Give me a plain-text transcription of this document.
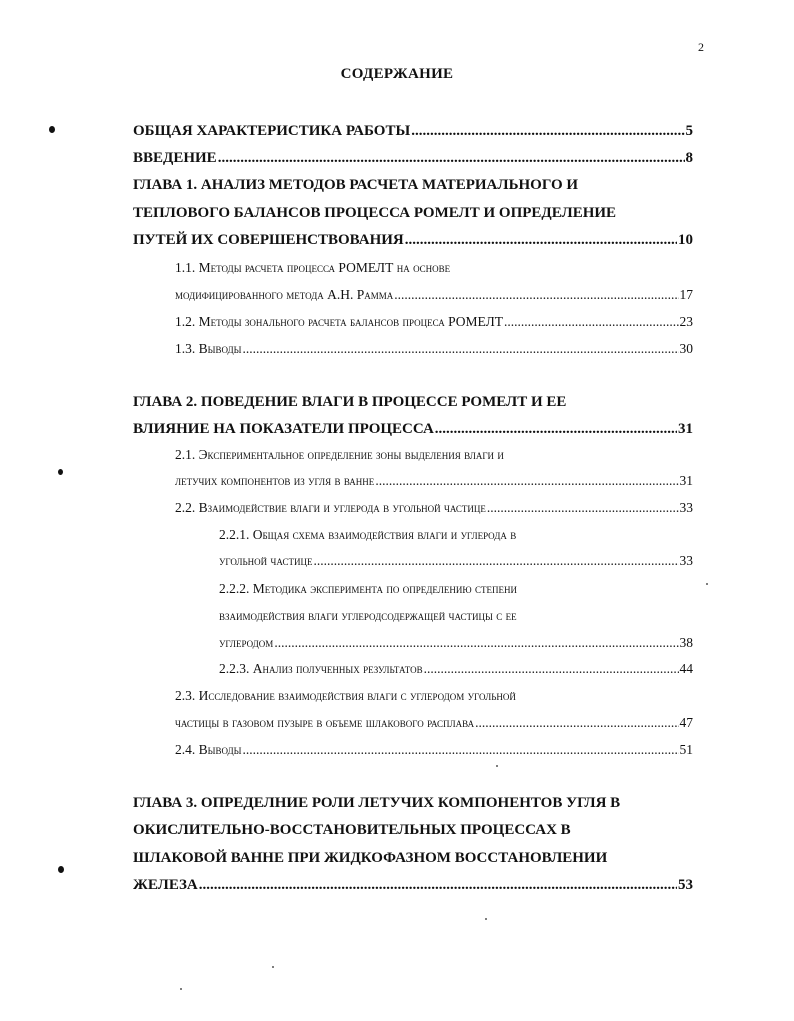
2
СОДЕРЖАНИЕ
ОБЩАЯ ХАРАКТЕРИСТИКА РАБОТЫ .....	5
ВВЕДЕНИЕ .....	8
ГЛАВА 1. АНАЛИЗ МЕТОДОВ РАСЧЕТА МАТЕРИАЛЬНОГО И
ТЕПЛОВОГО БАЛАНСОВ ПРОЦЕССА РОМЕЛТ И ОПРЕДЕЛЕНИЕ
ПУТЕЙ ИХ СОВЕРШЕНСТВОВАНИЯ .....	10
1.1. Методы расчета процесса РОМЕЛТ на основе
модифицированного метода А.Н. Рамма .....	17
1.2. Методы зонального расчета балансов процеса РОМЕЛТ .....	23
1.3. Выводы .....	30
ГЛАВА 2. ПОВЕДЕНИЕ ВЛАГИ В ПРОЦЕССЕ РОМЕЛТ И ЕЕ
ВЛИЯНИЕ НА ПОКАЗАТЕЛИ ПРОЦЕССА .....	31
2.1. Экспериментальное определение зоны выделения влаги и
летучих компонентов из угля в ванне .....	31
2.2. Взаимодействие влаги и углерода в угольной частице .....	33
2.2.1. Общая схема взаимодействия влаги и углерода в
угольной частице .....	33
2.2.2. Методика эксперимента по определению степени
взаимодействия влаги углеродсодержащей частицы с ее
углеродом .....	38
2.2.3. Анализ полученных результатов .....	44
2.3. Исследование взаимодействия влаги с углеродом угольной
частицы в газовом пузыре в объеме шлакового расплава .....	47
2.4. Выводы .....	51
ГЛАВА 3. ОПРЕДЕЛНИЕ РОЛИ ЛЕТУЧИХ КОМПОНЕНТОВ УГЛЯ В
ОКИСЛИТЕЛЬНО-ВОССТАНОВИТЕЛЬНЫХ ПРОЦЕССАХ В
ШЛАКОВОЙ ВАННЕ ПРИ ЖИДКОФАЗНОМ ВОССТАНОВЛЕНИИ
ЖЕЛЕЗА .....	53
